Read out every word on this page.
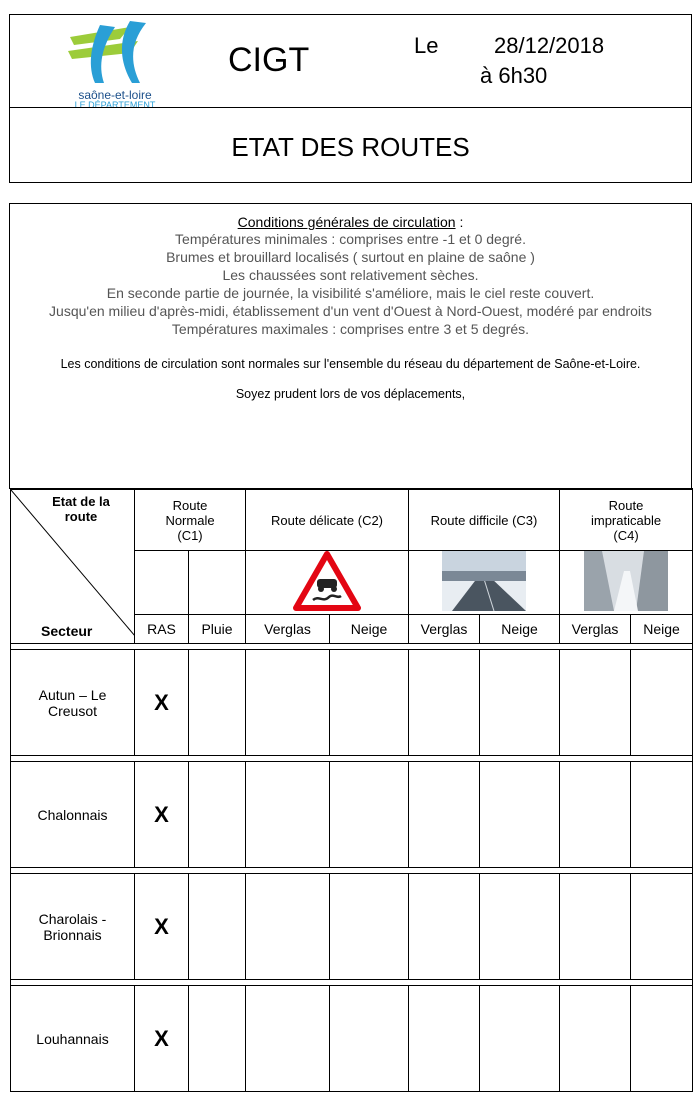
saône-et-loire
LE DÉPARTEMENT
CIGT	Le	28/12/2018
à 6h30
ETAT DES ROUTES
Conditions générales de circulation :
Températures minimales : comprises entre -1 et 0 degré.
Brumes et brouillard localisés ( surtout en plaine de saône )
Les chaussées sont relativement sèches.
En seconde partie de journée, la visibilité s'améliore, mais le ciel reste couvert.
Jusqu'en milieu d'après-midi, établissement d'un vent d'Ouest à Nord-Ouest, modéré par endroits
Températures maximales : comprises entre 3 et 5 degrés.
Les conditions de circulation sont normales sur l'ensemble du réseau du département de Saône-et-Loire.
Soyez prudent lors de vos déplacements,
Etat de la route
Secteur	Route Normale (C1)		Route délicate (C2)		Route difficile (C3)		Route impraticable (C4)	

	RAS	Pluie	Verglas	Neige	Verglas	Neige	Verglas	Neige

Autun – Le Creusot	X							

Chalonnais	X							

Charolais - Brionnais	X							

Louhannais	X							
